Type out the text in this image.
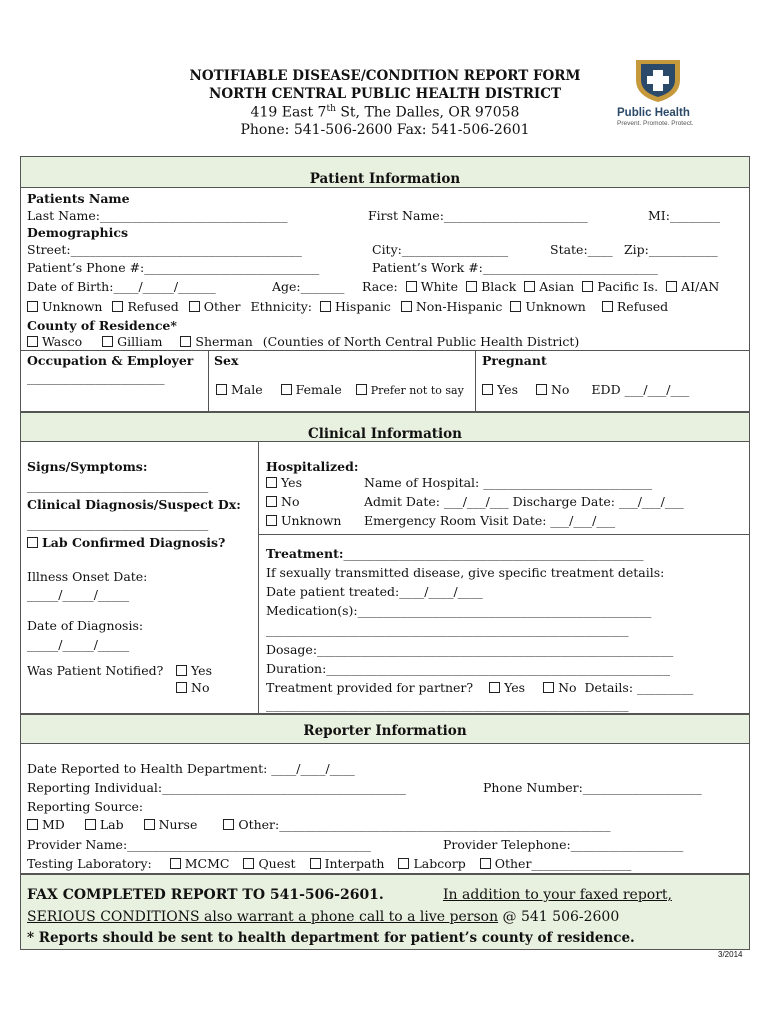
NOTIFIABLE DISEASE/CONDITION REPORT FORM
NORTH CENTRAL PUBLIC HEALTH DISTRICT
419 East 7th St, The Dalles, OR 97058
Phone: 541-506-2600 Fax: 541-506-2601
Public Health
Prevent. Promote. Protect.
Patient Information
Patients Name
Last Name:______________________________	First Name:_______________________	MI:________
Demographics
Street:_____________________________________	City:_________________	State:____ Zip:___________
Patient’s Phone #:____________________________	Patient’s Work #:____________________________
Date of Birth:____/_____/______	Age:_______ Race: White Black Asian Pacific Is. AI/AN
Unknown Refused Other Ethnicity: Hispanic Non-Hispanic Unknown Refused
County of Residence*
Wasco	Gilliam	Sherman (Counties of North Central Public Health District)
Occupation & Employer
______________________
Sex
Male	Female	Prefer not to say
Pregnant
Yes	No EDD ___/___/___
Clinical Information
Signs/Symptoms:
_____________________________
Clinical Diagnosis/Suspect Dx:
_____________________________
Lab Confirmed Diagnosis?
Illness Onset Date:
_____/_____/_____
Date of Diagnosis:
_____/_____/_____
Was Patient Notified?	Yes
No
Hospitalized:
Yes
No
Unknown
Name of Hospital: ___________________________
Admit Date: ___/___/___ Discharge Date: ___/___/___
Emergency Room Visit Date: ___/___/___
Treatment:________________________________________________
If sexually transmitted disease, give specific treatment details:
Date patient treated:____/____/____
Medication(s):_______________________________________________
__________________________________________________________
Dosage:_________________________________________________________
Duration:_______________________________________________________
Treatment provided for partner? Yes	No Details: _________
__________________________________________________________
Reporter Information
Date Reported to Health Department: ____/____/____
Reporting Individual:_______________________________________	Phone Number:___________________
Reporting Source:
MD	Lab	Nurse	Other:_____________________________________________________
Provider Name:_______________________________________	Provider Telephone:__________________
Testing Laboratory:	MCMC Quest Interpath Labcorp Other________________
FAX COMPLETED REPORT TO 541-506-2601.	In addition to your faxed report,
SERIOUS CONDITIONS also warrant a phone call to a live person @ 541 506-2600
* Reports should be sent to health department for patient’s county of residence.
3/2014
